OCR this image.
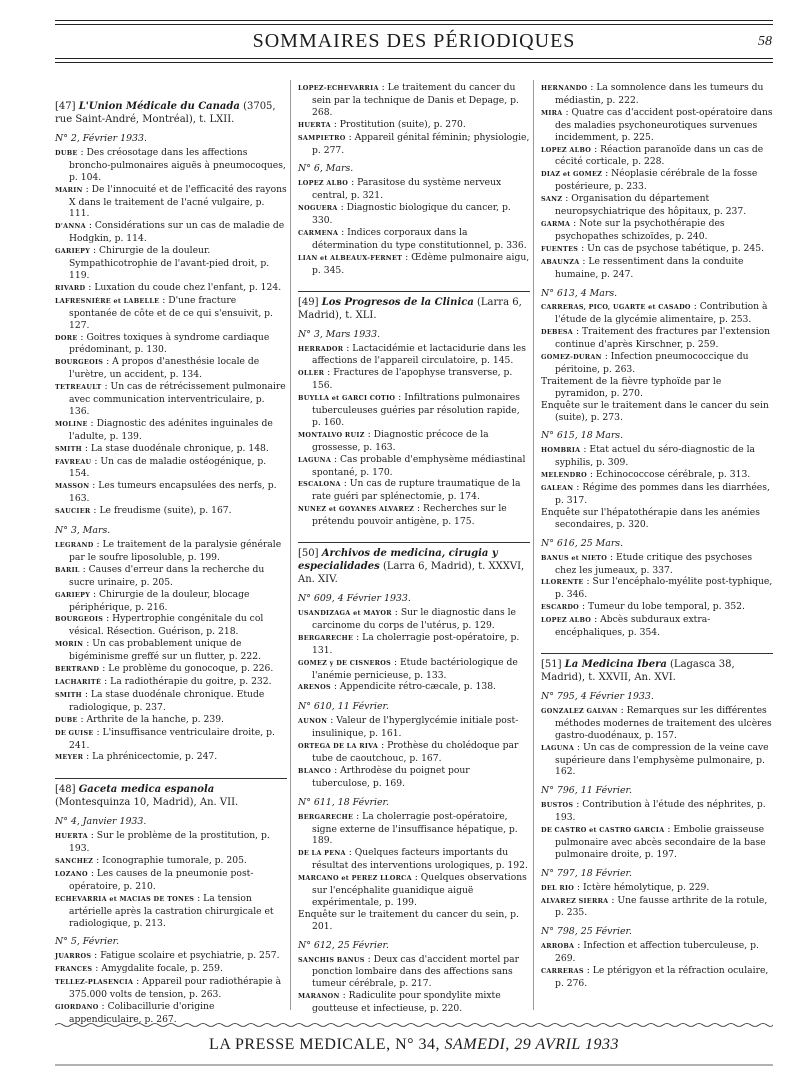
SOMMAIRES DES PÉRIODIQUES	58
[47] L'Union Médicale du Canada (3705, rue Saint-André, Montréal), t. LXII.
N° 2, Février 1933.

DUBE : Des créosotage dans les affections broncho-pulmonaires aiguës à pneumocoques, p. 104.

MARIN : De l'innocuité et de l'efficacité des rayons X dans le traitement de l'acné vulgaire, p. 111.

D'ANNA : Considérations sur un cas de maladie de Hodgkin, p. 114.

GARIEPY : Chirurgie de la douleur. Sympathicotrophie de l'avant-pied droit, p. 119.

RIVARD : Luxation du coude chez l'enfant, p. 124.

LAFRESNIÈRE et LABELLE : D'une fracture spontanée de côte et de ce qui s'ensuivit, p. 127.

DORE : Goitres toxiques à syndrome cardiaque prédominant, p. 130.

BOURGEOIS : A propos d'anesthésie locale de l'urètre, un accident, p. 134.

TETREAULT : Un cas de rétrécissement pulmonaire avec communication interventriculaire, p. 136.

MOLINE : Diagnostic des adénites inguinales de l'adulte, p. 139.

SMITH : La stase duodénale chronique, p. 148.

FAVREAU : Un cas de maladie ostéogénique, p. 154.

MASSON : Les tumeurs encapsulées des nerfs, p. 163.

SAUCIER : Le freudisme (suite), p. 167.

N° 3, Mars.

LEGRAND : Le traitement de la paralysie générale par le soufre liposoluble, p. 199.

BARIL : Causes d'erreur dans la recherche du sucre urinaire, p. 205.

GARIEPY : Chirurgie de la douleur, blocage périphérique, p. 216.

BOURGEOIS : Hypertrophie congénitale du col vésical. Résection. Guérison, p. 218.

MORIN : Un cas probablement unique de bigéminisme greffé sur un flutter, p. 222.

BERTRAND : Le problème du gonocoque, p. 226.

LACHARITÉ : La radiothérapie du goitre, p. 232.

SMITH : La stase duodénale chronique. Etude radiologique, p. 237.

DUBE : Arthrite de la hanche, p. 239.

DE GUISE : L'insuffisance ventriculaire droite, p. 241.

MEYER : La phrénicectomie, p. 247.

[48] Gaceta medica espanola (Montesquinza 10, Madrid), An. VII.
N° 4, Janvier 1933.

HUERTA : Sur le problème de la prostitution, p. 193.

SANCHEZ : Iconographie tumorale, p. 205.

LOZANO : Les causes de la pneumonie post-opératoire, p. 210.

ECHEVARRIA et MACIAS DE TONES : La tension artérielle après la castration chirurgicale et radiologique, p. 213.

N° 5, Février.

JUARROS : Fatigue scolaire et psychiatrie, p. 257.

FRANCES : Amygdalite focale, p. 259.

TELLEZ-PLASENCIA : Appareil pour radiothérapie à 375.000 volts de tension, p. 263.

GIORDANO : Colibacillurie d'origine appendiculaire, p. 267.

LOPEZ-ECHEVARRIA : Le traitement du cancer du sein par la technique de Danis et Depage, p. 268.

HUERTA : Prostitution (suite), p. 270.

SAMPIETRO : Appareil génital féminin; physiologie, p. 277.

N° 6, Mars.

LOPEZ ALBO : Parasitose du système nerveux central, p. 321.

NOGUERA : Diagnostic biologique du cancer, p. 330.

CARMENA : Indices corporaux dans la détermination du type constitutionnel, p. 336.

LIAN et ALBEAUX-FERNET : Œdème pulmonaire aigu, p. 345.

[49] Los Progresos de la Clinica (Larra 6, Madrid), t. XLI.
N° 3, Mars 1933.

HERRADOR : Lactacidémie et lactacidurie dans les affections de l'appareil circulatoire, p. 145.

OLLER : Fractures de l'apophyse transverse, p. 156.

BUYLLA et GARCI COTIO : Infiltrations pulmonaires tuberculeuses guéries par résolution rapide, p. 160.

MONTALVO RUIZ : Diagnostic précoce de la grossesse, p. 163.

LAGUNA : Cas probable d'emphysème médiastinal spontané, p. 170.

ESCALONA : Un cas de rupture traumatique de la rate guéri par splénectomie, p. 174.

NUNEZ et GOYANES ALVAREZ : Recherches sur le prétendu pouvoir antigène, p. 175.

[50] Archivos de medicina, cirugia y especialidades (Larra 6, Madrid), t. XXXVI, An. XIV.
N° 609, 4 Février 1933.

USANDIZAGA et MAYOR : Sur le diagnostic dans le carcinome du corps de l'utérus, p. 129.

BERGARECHE : La cholerragie post-opératoire, p. 131.

GOMEZ y DE CISNEROS : Etude bactériologique de l'anémie pernicieuse, p. 133.

ARENOS : Appendicite rétro-cæcale, p. 138.

N° 610, 11 Février.

AUNON : Valeur de l'hyperglycémie initiale post-insulinique, p. 161.

ORTEGA DE LA RIVA : Prothèse du cholédoque par tube de caoutchouc, p. 167.

BLANCO : Arthrodèse du poignet pour tuberculose, p. 169.

N° 611, 18 Février.

BERGARECHE : La cholerragie post-opératoire, signe externe de l'insuffisance hépatique, p. 189.

DE LA PENA : Quelques facteurs importants du résultat des interventions urologiques, p. 192.

MARCANO et PEREZ LLORCA : Quelques observations sur l'encéphalite guanidique aiguë expérimentale, p. 199.

Enquête sur le traitement du cancer du sein, p. 201.

N° 612, 25 Février.

SANCHIS BANUS : Deux cas d'accident mortel par ponction lombaire dans des affections sans tumeur cérébrale, p. 217.

MARANON : Radiculite pour spondylite mixte goutteuse et infectieuse, p. 220.

HERNANDO : La somnolence dans les tumeurs du médiastin, p. 222.

MIRA : Quatre cas d'accident post-opératoire dans des maladies psychoneurotiques survenues incidemment, p. 225.

LOPEZ ALBO : Réaction paranoïde dans un cas de cécité corticale, p. 228.

DIAZ et GOMEZ : Néoplasie cérébrale de la fosse postérieure, p. 233.

SANZ : Organisation du département neuropsychiatrique des hôpitaux, p. 237.

GARMA : Note sur la psychothérapie des psychopathes schizoïdes, p. 240.

FUENTES : Un cas de psychose tabétique, p. 245.

ABAUNZA : Le ressentiment dans la conduite humaine, p. 247.

N° 613, 4 Mars.

CARRERAS, PICO, UGARTE et CASADO : Contribution à l'étude de la glycémie alimentaire, p. 253.

DEBESA : Traitement des fractures par l'extension continue d'après Kirschner, p. 259.

GOMEZ-DURAN : Infection pneumococcique du péritoine, p. 263.

Traitement de la fièvre typhoïde par le pyramidon, p. 270.

Enquête sur le traitement dans le cancer du sein (suite), p. 273.

N° 615, 18 Mars.

HOMBRIA : Etat actuel du séro-diagnostic de la syphilis, p. 309.

MELENDRO : Echinococcose cérébrale, p. 313.

GALEAN : Régime des pommes dans les diarrhées, p. 317.

Enquête sur l'hépatothérapie dans les anémies secondaires, p. 320.

N° 616, 25 Mars.

BANUS et NIETO : Etude critique des psychoses chez les jumeaux, p. 337.

LLORENTE : Sur l'encéphalo-myélite post-typhique, p. 346.

ESCARDO : Tumeur du lobe temporal, p. 352.

LOPEZ ALBO : Abcès subduraux extra-encéphaliques, p. 354.

[51] La Medicina Ibera (Lagasca 38, Madrid), t. XXVII, An. XVI.
N° 795, 4 Février 1933.

GONZALEZ GALVAN : Remarques sur les différentes méthodes modernes de traitement des ulcères gastro-duodénaux, p. 157.

LAGUNA : Un cas de compression de la veine cave supérieure dans l'emphysème pulmonaire, p. 162.

N° 796, 11 Février.

BUSTOS : Contribution à l'étude des néphrites, p. 193.

DE CASTRO et CASTRO GARCIA : Embolie graisseuse pulmonaire avec abcès secondaire de la base pulmonaire droite, p. 197.

N° 797, 18 Février.

DEL RIO : Ictère hémolytique, p. 229.

ALVAREZ SIERRA : Une fausse arthrite de la rotule, p. 235.

N° 798, 25 Février.

ARROBA : Infection et affection tuberculeuse, p. 269.

CARRERAS : Le ptérigyon et la réfraction oculaire, p. 276.

LA PRESSE MEDICALE, N° 34, SAMEDI, 29 AVRIL 1933
